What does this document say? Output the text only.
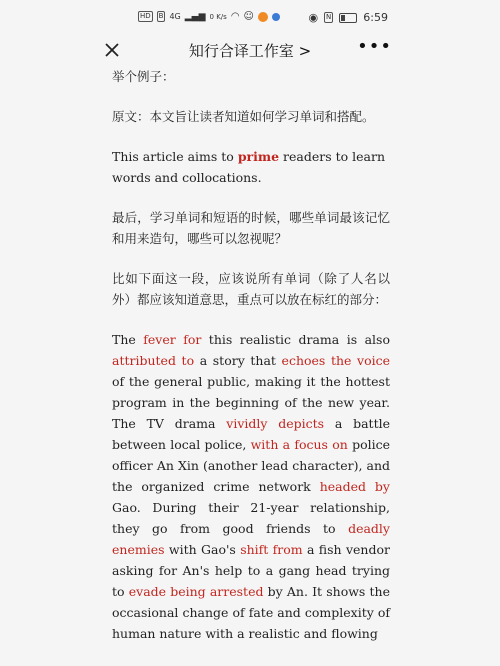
HD B 4G ▂▄▆ 0 K/s ◠ ☺	◉ N	6:59
知行合译工作室 >	•••

举个例子：

原文：本文旨让读者知道如何学习单词和搭配。

This article aims to prime readers to learn words and collocations.

最后，学习单词和短语的时候，哪些单词最该记忆和用来造句，哪些可以忽视呢？

比如下面这一段，应该说所有单词（除了人名以外）都应该知道意思，重点可以放在标红的部分：

The fever for this realistic drama is also attributed to a story that echoes the voice of the general public, making it the hottest program in the beginning of the new year. The TV drama vividly depicts a battle between local police, with a focus on police officer An Xin (another lead character), and the organized crime network headed by Gao. During their 21-year relationship, they go from good friends to deadly enemies with Gao's shift from a fish vendor asking for An's help to a gang head trying to evade being arrested by An. It shows the occasional change of fate and complexity of human nature with a realistic and flowing
